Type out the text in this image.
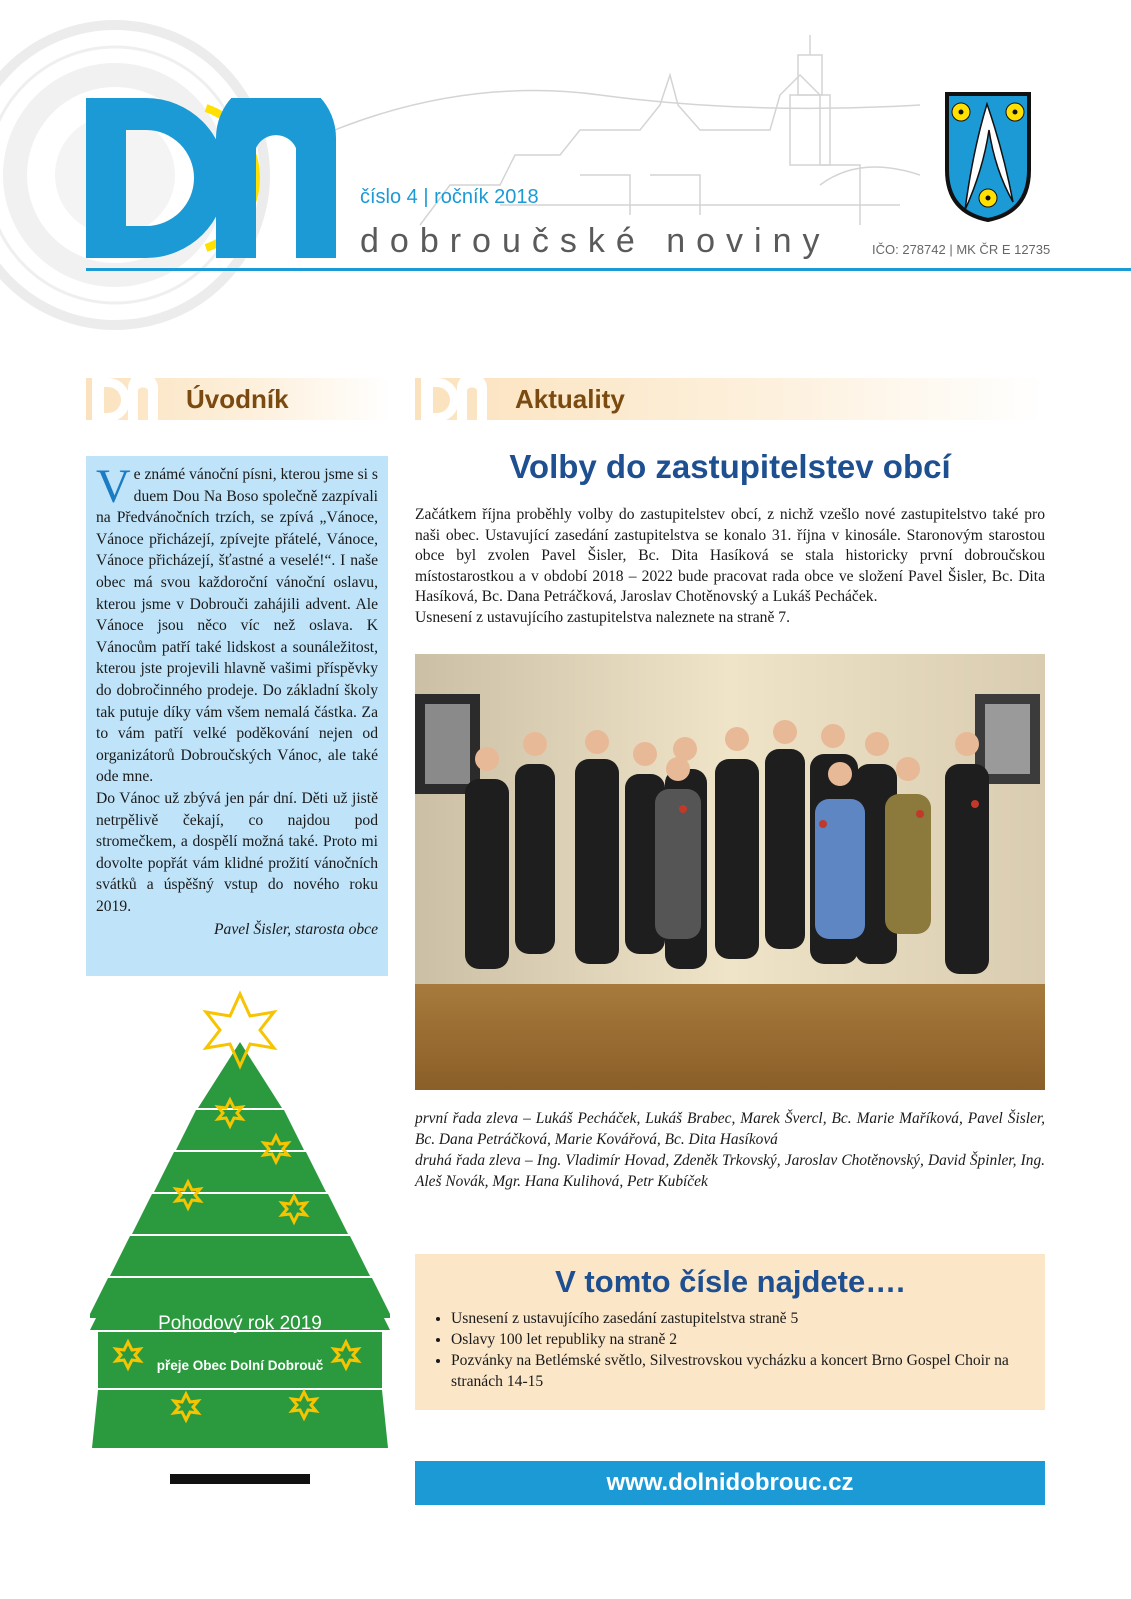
číslo 4 | ročník 2018
dobroučské noviny	IČO: 278742 | MK ČR E 12735
Úvodník	Aktuality

Ve známé vánoční písni, kterou jsme si s duem Dou Na Boso společně zazpívali na Předvánočních trzích, se zpívá „Vánoce, Vánoce přicházejí, zpívejte přátelé, Vánoce, Vánoce přicházejí, šťastné a veselé!“. I naše obec má svou každoroční vánoční oslavu, kterou jsme v Dobrouči zahájili advent. Ale Vánoce jsou něco víc než oslava. K Vánocům patří také lidskost a sounáležitost, kterou jste projevili hlavně vašimi příspěvky do dobročinného prodeje. Do základní školy tak putuje díky vám všem nemalá částka. Za to vám patří velké poděkování nejen od organizátorů Dobroučských Vánoc, ale také ode mne.

Do Vánoc už zbývá jen pár dní. Děti už jistě netrpělivě čekají, co najdou pod stromečkem, a dospělí možná také. Proto mi dovolte popřát vám klidné prožití vánočních svátků a úspěšný vstup do nového roku 2019.

Pavel Šisler, starosta obce

Volby do zastupitelstev obcí
Začátkem října proběhly volby do zastupitelstev obcí, z nichž vzešlo nové zastupitelstvo také pro naši obec. Ustavující zasedání zastupitelstva se konalo 31. října v kinosále. Staronovým starostou obce byl zvolen Pavel Šisler, Bc. Dita Hasíková se stala historicky první dobroučskou místostarostkou a v období 2018 – 2022 bude pracovat rada obce ve složení Pavel Šisler, Bc. Dita Hasíková, Bc. Dana Petráčková, Jaroslav Chotěnovský a Lukáš Pecháček.
Usnesení z ustavujícího zastupitelstva naleznete na straně 7.
první řada zleva – Lukáš Pecháček, Lukáš Brabec, Marek Švercl, Bc. Marie Maříková, Pavel Šisler, Bc. Dana Petráčková, Marie Kovářová, Bc. Dita Hasíková
druhá řada zleva – Ing. Vladimír Hovad, Zdeněk Trkovský, Jaroslav Chotěnovský, David Špinler, Ing. Aleš Novák, Mgr. Hana Kulihová, Petr Kubíček
V tomto čísle najdete….
• Usnesení z ustavujícího zasedání zastupitelstva straně 5
• Oslavy 100 let republiky na straně 2
• Pozvánky na Betlémské světlo, Silvestrovskou vycházku a koncert Brno Gospel Choir na stranách 14-15
www.dolnidobrouc.cz
Pohodový rok 2019
přeje Obec Dolní Dobrouč
